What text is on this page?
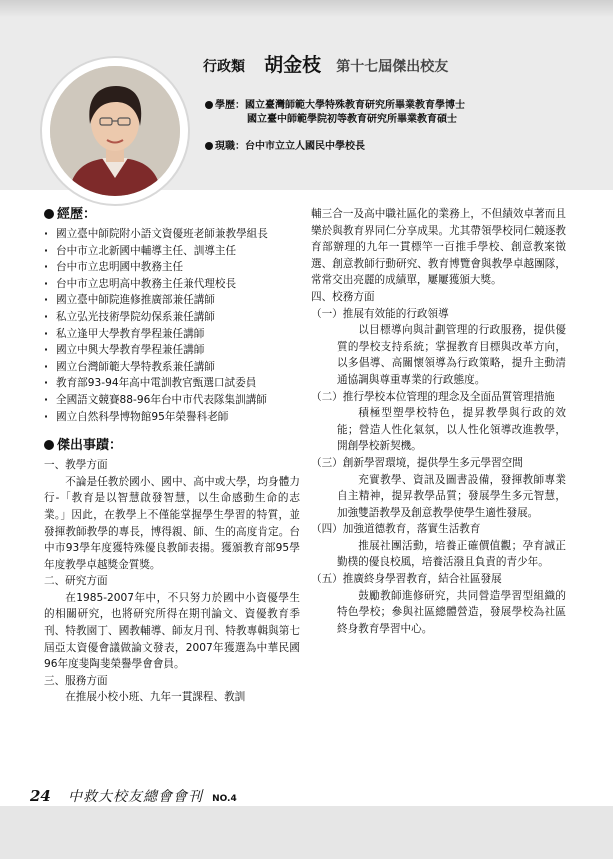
行政類 胡金枝 第十七屆傑出校友
學歷：國立臺灣師範大學特殊教育研究所畢業教育學博士
國立臺中師範學院初等教育研究所畢業教育碩士
現職：台中市立立人國民中學校長
經歷：
· 國立臺中師院附小語文資優班老師兼教學組長
· 台中市立北新國中輔導主任、訓導主任
· 台中市立忠明國中教務主任
· 台中市立忠明高中教務主任兼代理校長
· 國立臺中師院進修推廣部兼任講師
· 私立弘光技術學院幼保系兼任講師
· 私立逢甲大學教育學程兼任講師
· 國立中興大學教育學程兼任講師
· 國立台灣師範大學特教系兼任講師
· 教育部93-94年高中電訓教官甄選口試委員
· 全國語文競賽88-96年台中市代表隊集訓講師
· 國立自然科學博物館95年榮譽科老師
傑出事蹟：

一、教學方面

不論是任教於國小、國中、高中或大學，均身體力行-「教育是以智慧啟發智慧，以生命感動生命的志業。」因此，在教學上不僅能掌握學生學習的特質，並發揮教師教學的專長，博得親、師、生的高度肯定。台中市93學年度獲特殊優良教師表揚。獲頒教育部95學年度教學卓越獎金質獎。

二、研究方面

在1985-2007年中，不只努力於國中小資優學生的相關研究，也將研究所得在期刊論文、資優教育季刊、特教園丁、國教輔導、師友月刊、特教專輯與第七屆亞太資優會議做論文發表，2007年獲選為中華民國96年度斐陶斐榮譽學會會員。

三、服務方面

在推展小校小班、九年一貫課程、教訓

輔三合一及高中職社區化的業務上，不但績效卓著而且樂於與教育界同仁分享成果。尤其帶領學校同仁競逐教育部辦理的九年一貫標竿一百推手學校、創意教案徵選、創意教師行動研究、教育博覽會與教學卓越團隊，常常交出亮麗的成績單，屢屢獲頒大獎。

四、校務方面

（一）推展有效能的行政領導

以目標導向與計劃管理的行政服務，提供優質的學校支持系統；掌握教育目標與改革方向，以多倡導、高關懷領導為行政策略，提升主動清通協調與尊重專業的行政態度。

（二）推行學校本位管理的理念及全面品質管理措施

積極型塑學校特色，提昇教學與行政的效能；營造人性化氣氛，以人性化領導改進教學，開創學校新契機。

（三）創新學習環境，提供學生多元學習空間

充實教學、資訊及圖書設備，發揮教師專業自主精神，提昇教學品質；發展學生多元智慧，加強雙語教學及創意教學使學生適性發展。

（四）加強道德教育，落實生活教育

推展社團活動，培養正確價值觀；孕育誠正勤樸的優良校風，培養活潑且負責的青少年。

（五）推廣終身學習教育，結合社區發展

鼓勵教師進修研究，共同營造學習型組織的特色學校；參與社區總體營造，發展學校為社區終身教育學習中心。

24 中救大校友總會會刊 NO.4
